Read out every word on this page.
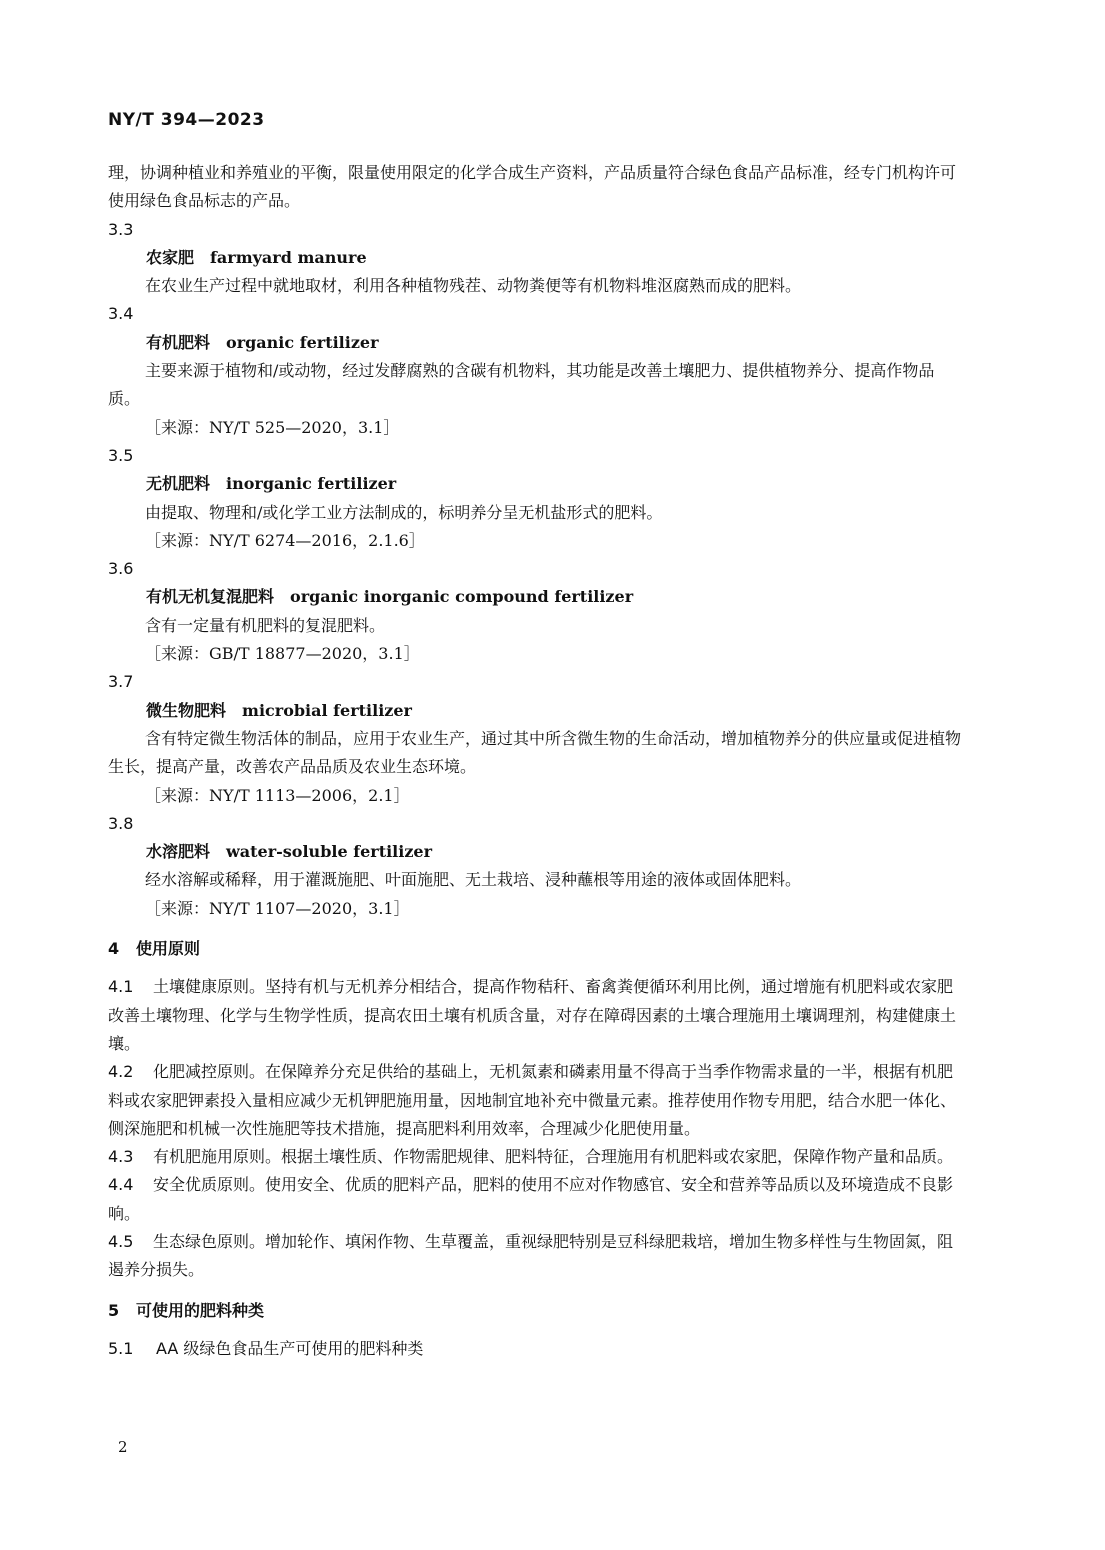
NY/T 394—2023

理，协调种植业和养殖业的平衡，限量使用限定的化学合成生产资料，产品质量符合绿色食品产品标准，经专门机构许可使用绿色食品标志的产品。

3.3
农家肥 farmyard manure
在农业生产过程中就地取材，利用各种植物残茬、动物粪便等有机物料堆沤腐熟而成的肥料。
3.4
有机肥料 organic fertilizer
主要来源于植物和/或动物，经过发酵腐熟的含碳有机物料，其功能是改善土壤肥力、提供植物养分、提高作物品质。
［来源：NY/T 525—2020，3.1］
3.5
无机肥料 inorganic fertilizer
由提取、物理和/或化学工业方法制成的，标明养分呈无机盐形式的肥料。
［来源：NY/T 6274—2016，2.1.6］
3.6
有机无机复混肥料 organic inorganic compound fertilizer
含有一定量有机肥料的复混肥料。
［来源：GB/T 18877—2020，3.1］
3.7
微生物肥料 microbial fertilizer
含有特定微生物活体的制品，应用于农业生产，通过其中所含微生物的生命活动，增加植物养分的供应量或促进植物生长，提高产量，改善农产品品质及农业生态环境。
［来源：NY/T 1113—2006，2.1］
3.8
水溶肥料 water-soluble fertilizer
经水溶解或稀释，用于灌溉施肥、叶面施肥、无土栽培、浸种蘸根等用途的液体或固体肥料。
［来源：NY/T 1107—2020，3.1］
4 使用原则

4.1 土壤健康原则。坚持有机与无机养分相结合，提高作物秸秆、畜禽粪便循环利用比例，通过增施有机肥料或农家肥改善土壤物理、化学与生物学性质，提高农田土壤有机质含量，对存在障碍因素的土壤合理施用土壤调理剂，构建健康土壤。

4.2 化肥减控原则。在保障养分充足供给的基础上，无机氮素和磷素用量不得高于当季作物需求量的一半，根据有机肥料或农家肥钾素投入量相应减少无机钾肥施用量，因地制宜地补充中微量元素。推荐使用作物专用肥，结合水肥一体化、侧深施肥和机械一次性施肥等技术措施，提高肥料利用效率，合理减少化肥使用量。

4.3 有机肥施用原则。根据土壤性质、作物需肥规律、肥料特征，合理施用有机肥料或农家肥，保障作物产量和品质。

4.4 安全优质原则。使用安全、优质的肥料产品，肥料的使用不应对作物感官、安全和营养等品质以及环境造成不良影响。

4.5 生态绿色原则。增加轮作、填闲作物、生草覆盖，重视绿肥特别是豆科绿肥栽培，增加生物多样性与生物固氮，阻遏养分损失。

5 可使用的肥料种类
5.1 AA 级绿色食品生产可使用的肥料种类
2
